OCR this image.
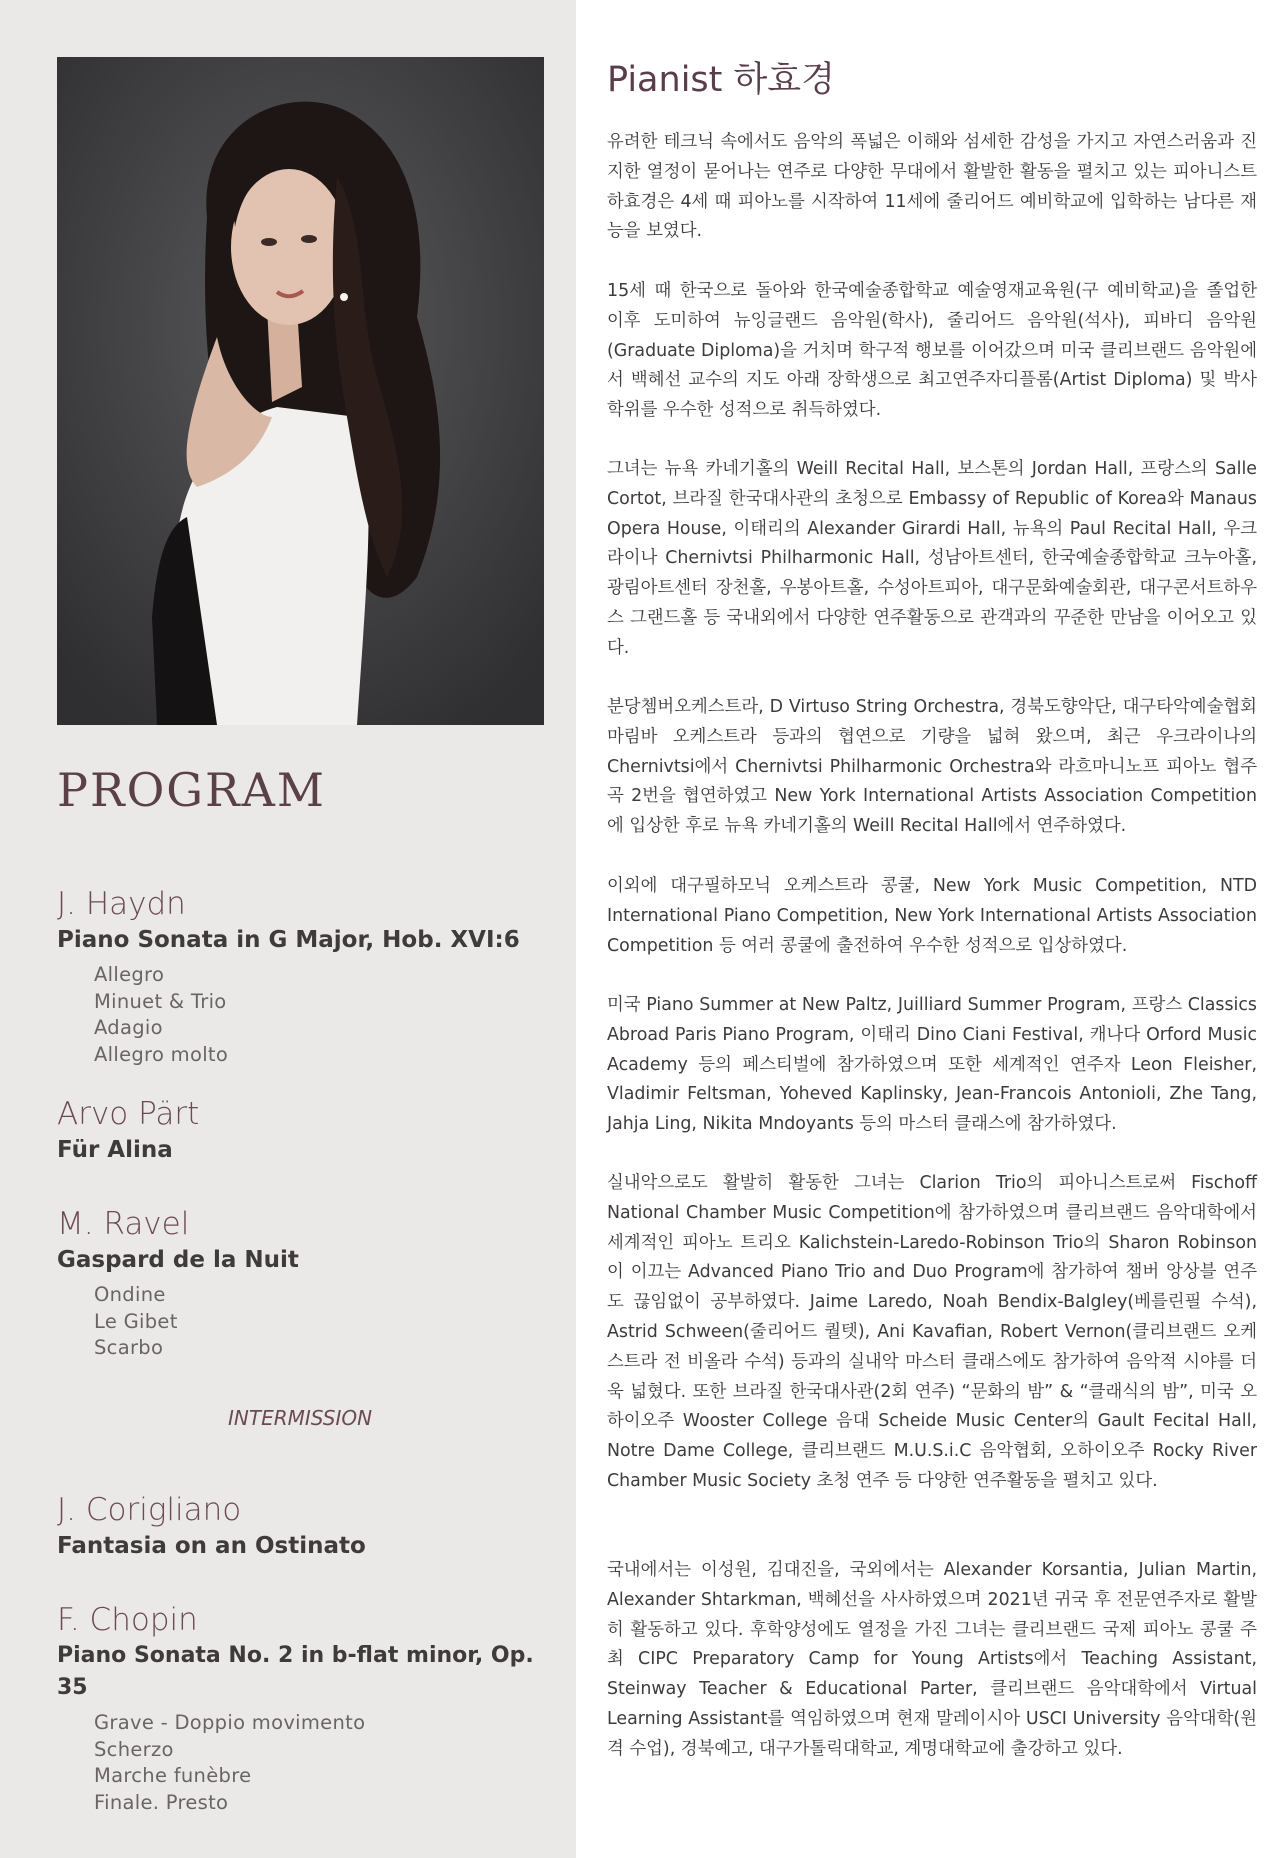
PROGRAM
J. Haydn
Piano Sonata in G Major, Hob. XVI:6
Allegro
Minuet & Trio
Adagio
Allegro molto
Arvo Pärt
Für Alina
M. Ravel
Gaspard de la Nuit
Ondine
Le Gibet
Scarbo
INTERMISSION
J. Corigliano
Fantasia on an Ostinato
F. Chopin
Piano Sonata No. 2 in b-flat minor, Op. 35
Grave - Doppio movimento
Scherzo
Marche funèbre
Finale. Presto
Pianist 하효경
유려한 테크닉 속에서도 음악의 폭넓은 이해와 섬세한 감성을 가지고 자연스러움과 진지한 열정이 묻어나는 연주로 다양한 무대에서 활발한 활동을 펼치고 있는 피아니스트 하효경은 4세 때 피아노를 시작하여 11세에 줄리어드 예비학교에 입학하는 남다른 재능을 보였다.
15세 때 한국으로 돌아와 한국예술종합학교 예술영재교육원(구 예비학교)을 졸업한 이후 도미하여 뉴잉글랜드 음악원(학사), 줄리어드 음악원(석사), 피바디 음악원(Graduate Diploma)을 거치며 학구적 행보를 이어갔으며 미국 클리브랜드 음악원에서 백혜선 교수의 지도 아래 장학생으로 최고연주자디플롬(Artist Diploma) 및 박사학위를 우수한 성적으로 취득하였다.
그녀는 뉴욕 카네기홀의 Weill Recital Hall, 보스톤의 Jordan Hall, 프랑스의 Salle Cortot, 브라질 한국대사관의 초청으로 Embassy of Republic of Korea와 Manaus Opera House, 이태리의 Alexander Girardi Hall, 뉴욕의 Paul Recital Hall, 우크라이나 Chernivtsi Philharmonic Hall, 성남아트센터, 한국예술종합학교 크누아홀, 광림아트센터 장천홀, 우봉아트홀, 수성아트피아, 대구문화예술회관, 대구콘서트하우스 그랜드홀 등 국내외에서 다양한 연주활동으로 관객과의 꾸준한 만남을 이어오고 있다.
분당쳄버오케스트라, D Virtuso String Orchestra, 경북도향악단, 대구타악예술협회 마림바 오케스트라 등과의 협연으로 기량을 넓혀 왔으며, 최근 우크라이나의 Chernivtsi에서 Chernivtsi Philharmonic Orchestra와 라흐마니노프 피아노 협주곡 2번을 협연하였고 New York International Artists Association Competition에 입상한 후로 뉴욕 카네기홀의 Weill Recital Hall에서 연주하였다.
이외에 대구필하모닉 오케스트라 콩쿨, New York Music Competition, NTD International Piano Competition, New York International Artists Association Competition 등 여러 콩쿨에 출전하여 우수한 성적으로 입상하였다.
미국 Piano Summer at New Paltz, Juilliard Summer Program, 프랑스 Classics Abroad Paris Piano Program, 이태리 Dino Ciani Festival, 캐나다 Orford Music Academy 등의 페스티벌에 참가하였으며 또한 세계적인 연주자 Leon Fleisher, Vladimir Feltsman, Yoheved Kaplinsky, Jean-Francois Antonioli, Zhe Tang, Jahja Ling, Nikita Mndoyants 등의 마스터 클래스에 참가하였다.
실내악으로도 활발히 활동한 그녀는 Clarion Trio의 피아니스트로써 Fischoff National Chamber Music Competition에 참가하였으며 클리브랜드 음악대학에서 세계적인 피아노 트리오 Kalichstein-Laredo-Robinson Trio의 Sharon Robinson이 이끄는 Advanced Piano Trio and Duo Program에 참가하여 챔버 앙상블 연주도 끊임없이 공부하였다. Jaime Laredo, Noah Bendix-Balgley(베를린필 수석), Astrid Schween(줄리어드 퀄텟), Ani Kavafian, Robert Vernon(클리브랜드 오케스트라 전 비올라 수석) 등과의 실내악 마스터 클래스에도 참가하여 음악적 시야를 더욱 넓혔다. 또한 브라질 한국대사관(2회 연주) “문화의 밤” & “클래식의 밤”, 미국 오하이오주 Wooster College 음대 Scheide Music Center의 Gault Fecital Hall, Notre Dame College, 클리브랜드 M.U.S.i.C 음악협회, 오하이오주 Rocky River Chamber Music Society 초청 연주 등 다양한 연주활동을 펼치고 있다.
국내에서는 이성원, 김대진을, 국외에서는 Alexander Korsantia, Julian Martin, Alexander Shtarkman, 백혜선을 사사하였으며 2021년 귀국 후 전문연주자로 활발히 활동하고 있다. 후학양성에도 열정을 가진 그녀는 클리브랜드 국제 피아노 콩쿨 주최 CIPC Preparatory Camp for Young Artists에서 Teaching Assistant, Steinway Teacher & Educational Parter, 클리브랜드 음악대학에서 Virtual Learning Assistant를 역임하였으며 현재 말레이시아 USCI University 음악대학(원격 수업), 경북예고, 대구가톨릭대학교, 계명대학교에 출강하고 있다.
